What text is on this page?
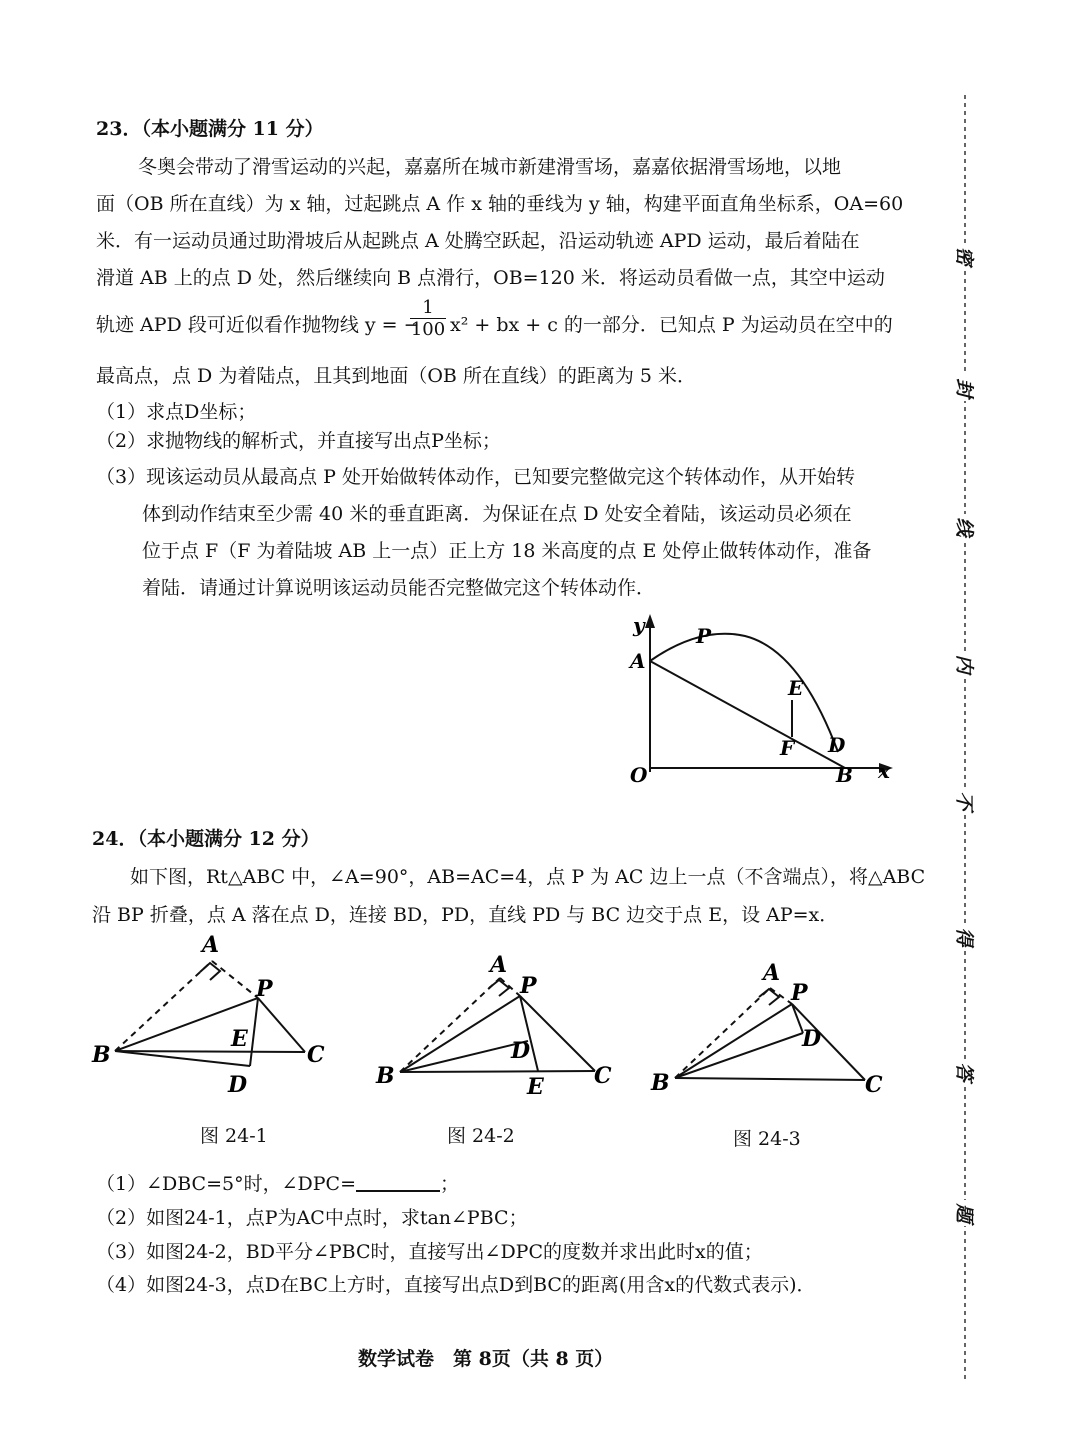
23．（本小题满分 11 分）
冬奥会带动了滑雪运动的兴起，嘉嘉所在城市新建滑雪场，嘉嘉依据滑雪场地，以地
面（OB 所在直线）为 x 轴，过起跳点 A 作 x 轴的垂线为 y 轴，构建平面直角坐标系，OA=60
米．有一运动员通过助滑坡后从起跳点 A 处腾空跃起，沿运动轨迹 APD 运动，最后着陆在
滑道 AB 上的点 D 处，然后继续向 B 点滑行，OB=120 米．将运动员看做一点，其空中运动
轨迹 APD 段可近似看作抛物线 y = −
1
100 x² + bx + c 的一部分．已知点 P 为运动员在空中的
最高点，点 D 为着陆点，且其到地面（OB 所在直线）的距离为 5 米．
（1）求点D坐标；
（2）求抛物线的解析式，并直接写出点P坐标；
（3）现该运动员从最高点 P 处开始做转体动作，已知要完整做完这个转体动作，从开始转
体到动作结束至少需 40 米的垂直距离．为保证在点 D 处安全着陆，该运动员必须在
位于点 F（F 为着陆坡 AB 上一点）正上方 18 米高度的点 E 处停止做转体动作，准备
着陆．请通过计算说明该运动员能否完整做完这个转体动作．
y	P
A
E
F D
O	B x
24．（本小题满分 12 分）
如下图，Rt△ABC 中，∠A=90°，AB=AC=4，点 P 为 AC 边上一点（不含端点），将△ABC
沿 BP 折叠，点 A 落在点 D，连接 BD，PD，直线 PD 与 BC 边交于点 E，设 AP=x．
A
P
E
B	C
D
A
P
D
B	E C
A
P
D
B	C
图 24-1	图 24-2	图 24-3
（1）∠DBC=5°时，∠DPC=	；
（2）如图24-1，点P为AC中点时，求tan∠PBC；
（3）如图24-2，BD平分∠PBC时，直接写出∠DPC的度数并求出此时x的值；
（4）如图24-3，点D在BC上方时，直接写出点D到BC的距离(用含x的代数式表示)．
数学试卷　第 8页（共 8 页）
密
封
线
内
不
得
答
题
